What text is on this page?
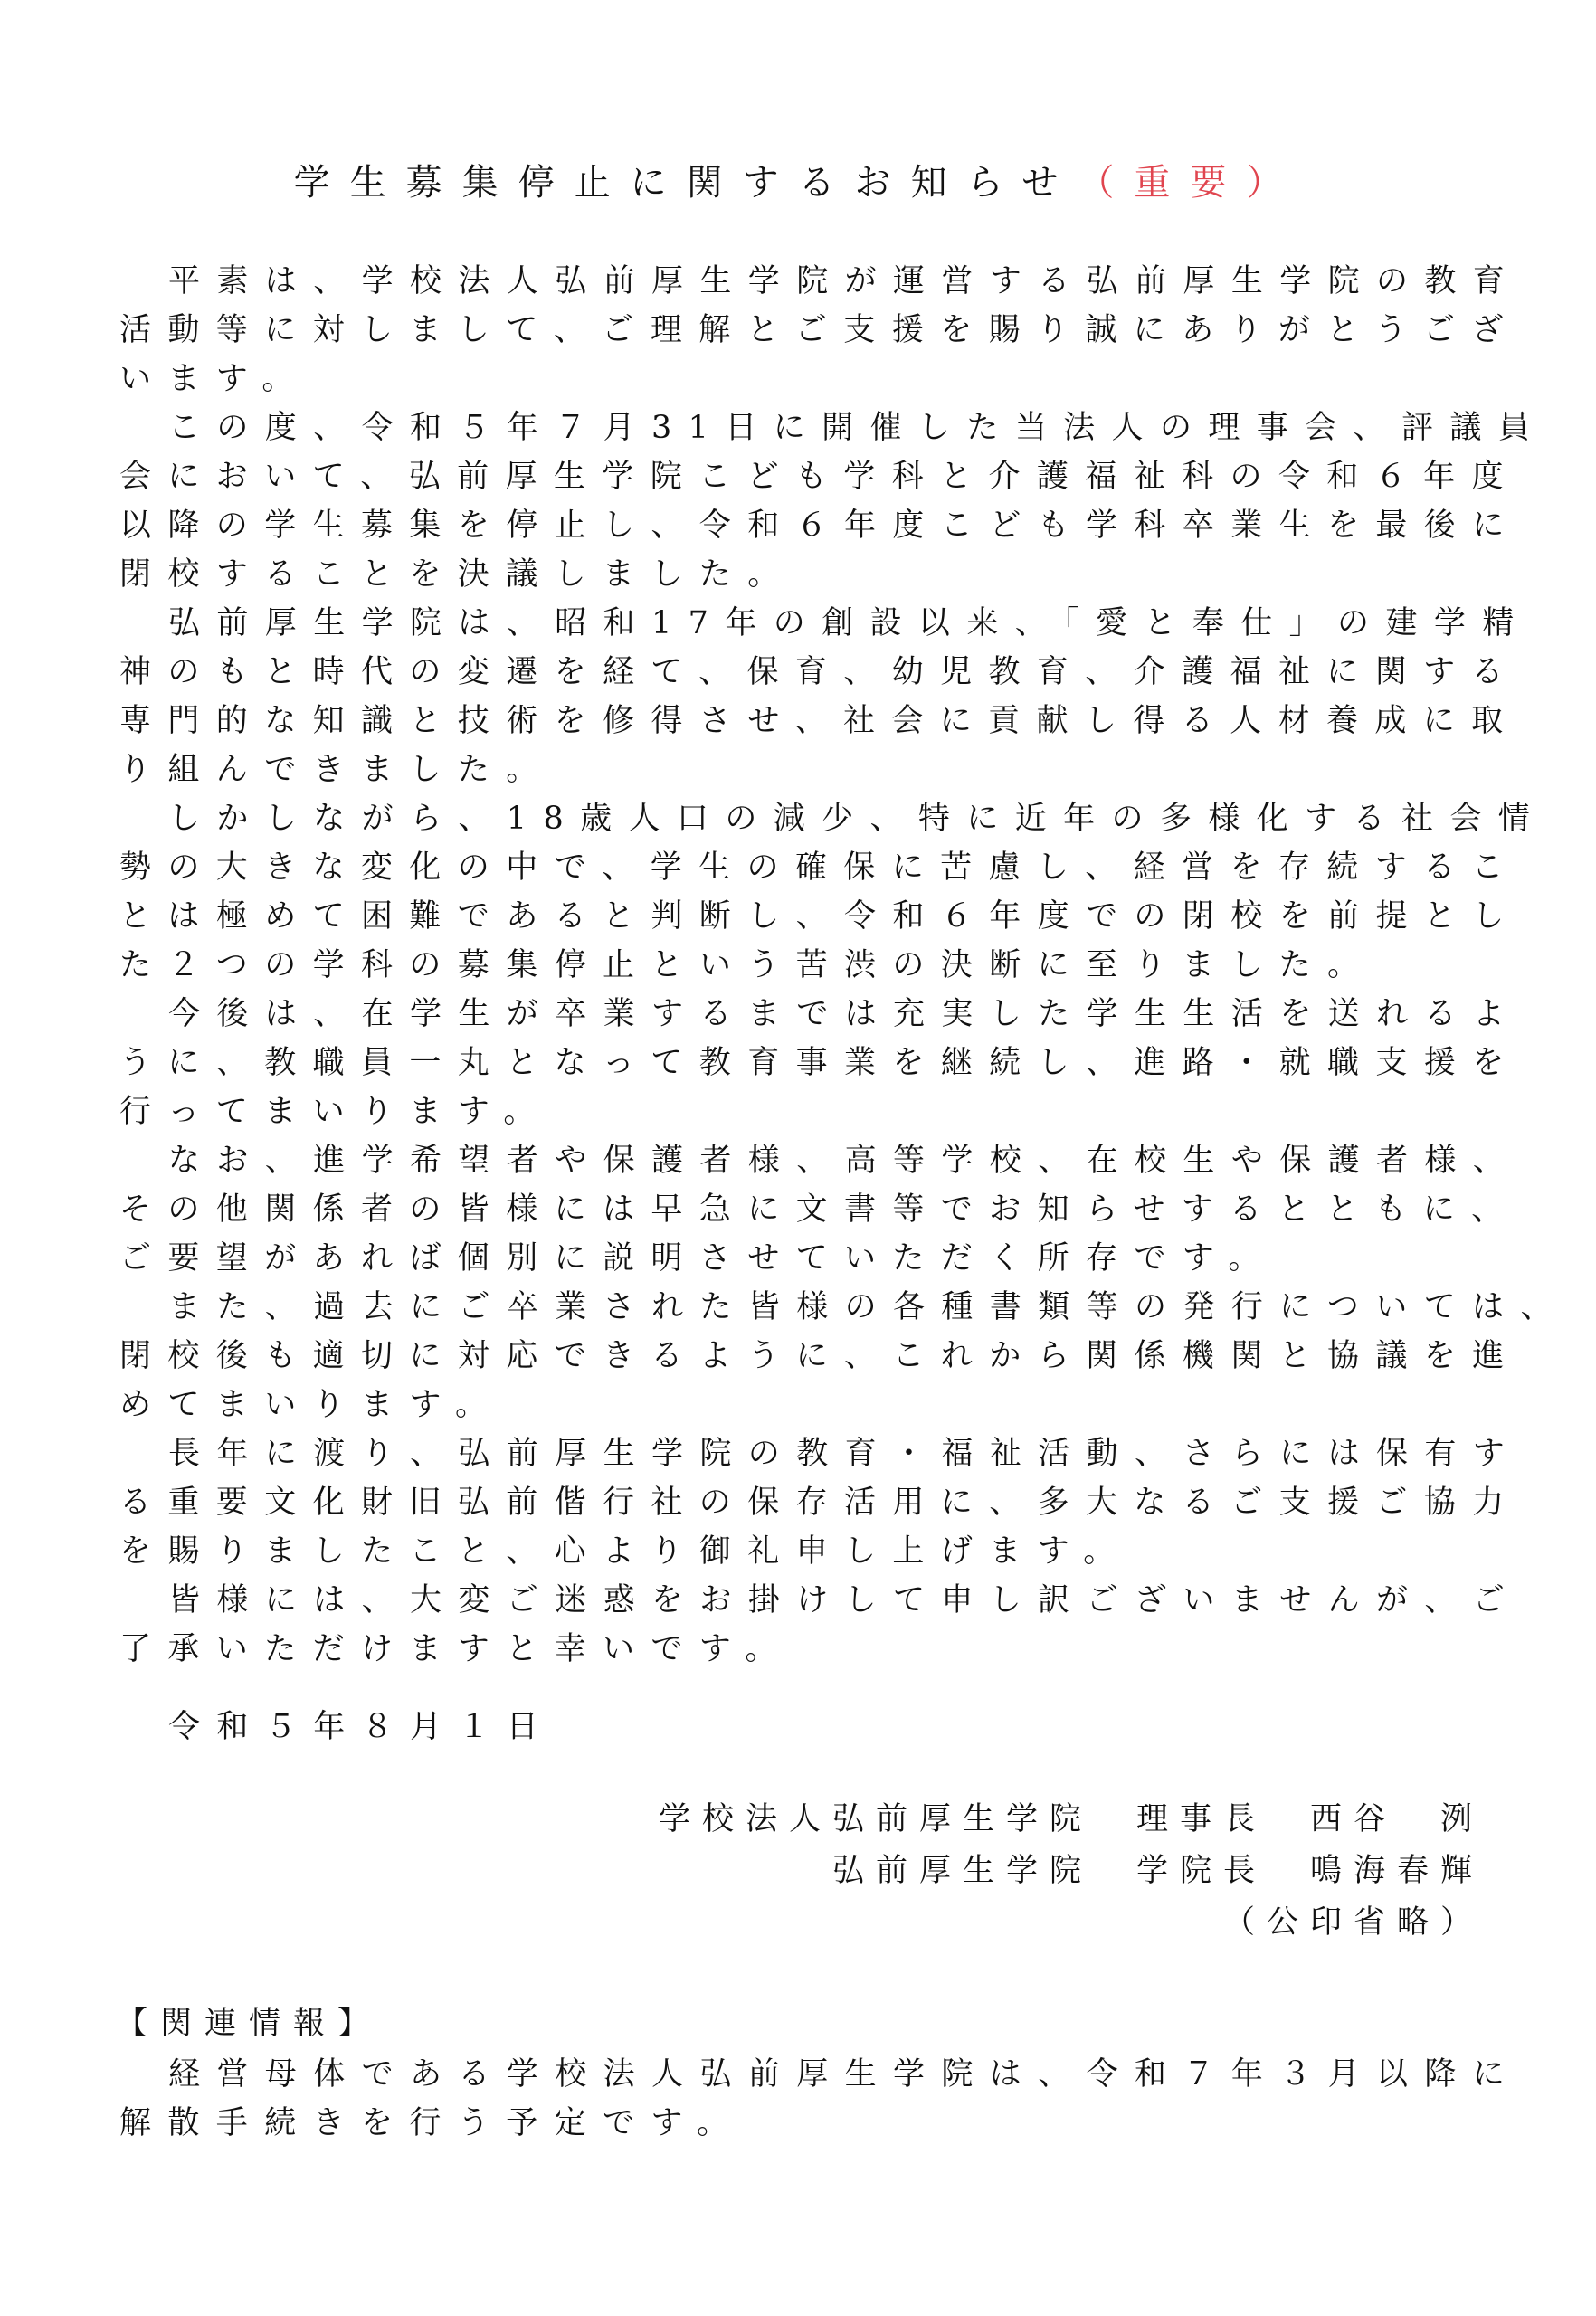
学生募集停止に関するお知らせ（重要）
平素は、学校法人弘前厚生学院が運営する弘前厚生学院の教育
活動等に対しまして、ご理解とご支援を賜り誠にありがとうござ
います。
この度、令和５年７月31日に開催した当法人の理事会、評議員
会において、弘前厚生学院こども学科と介護福祉科の令和６年度
以降の学生募集を停止し、令和６年度こども学科卒業生を最後に
閉校することを決議しました。
弘前厚生学院は、昭和17年の創設以来、「愛と奉仕」の建学精
神のもと時代の変遷を経て、保育、幼児教育、介護福祉に関する
専門的な知識と技術を修得させ、社会に貢献し得る人材養成に取
り組んできました。
しかしながら、18歳人口の減少、特に近年の多様化する社会情
勢の大きな変化の中で、学生の確保に苦慮し、経営を存続するこ
とは極めて困難であると判断し、令和６年度での閉校を前提とし
た２つの学科の募集停止という苦渋の決断に至りました。
今後は、在学生が卒業するまでは充実した学生生活を送れるよ
うに、教職員一丸となって教育事業を継続し、進路・就職支援を
行ってまいります。
なお、進学希望者や保護者様、高等学校、在校生や保護者様、
その他関係者の皆様には早急に文書等でお知らせするとともに、
ご要望があれば個別に説明させていただく所存です。
また、過去にご卒業された皆様の各種書類等の発行については、
閉校後も適切に対応できるように、これから関係機関と協議を進
めてまいります。
長年に渡り、弘前厚生学院の教育・福祉活動、さらには保有す
る重要文化財旧弘前偕行社の保存活用に、多大なるご支援ご協力
を賜りましたこと、心より御礼申し上げます。
皆様には、大変ご迷惑をお掛けして申し訳ございませんが、ご
了承いただけますと幸いです。
令和５年８月１日
学校法人弘前厚生学院 理事長 西谷　洌
弘前厚生学院 学院長 鳴海春輝
（公印省略）
【関連情報】
経営母体である学校法人弘前厚生学院は、令和７年３月以降に
解散手続きを行う予定です。
